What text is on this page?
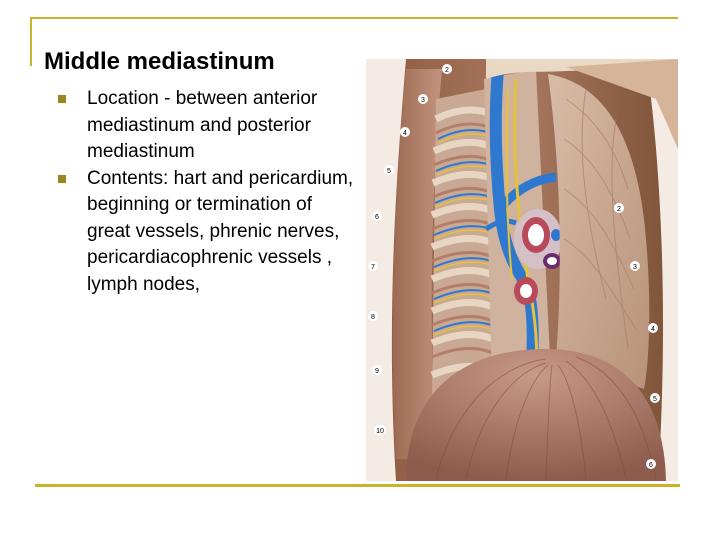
Middle mediastinum
Location - between anterior mediastinum and posterior mediastinum
Contents: hart and pericardium, beginning or termination of great vessels, phrenic nerves, pericardiacophrenic vessels , lymph nodes,
2
3
4
5
6
7
8
9
10
2
3
4
5
6
